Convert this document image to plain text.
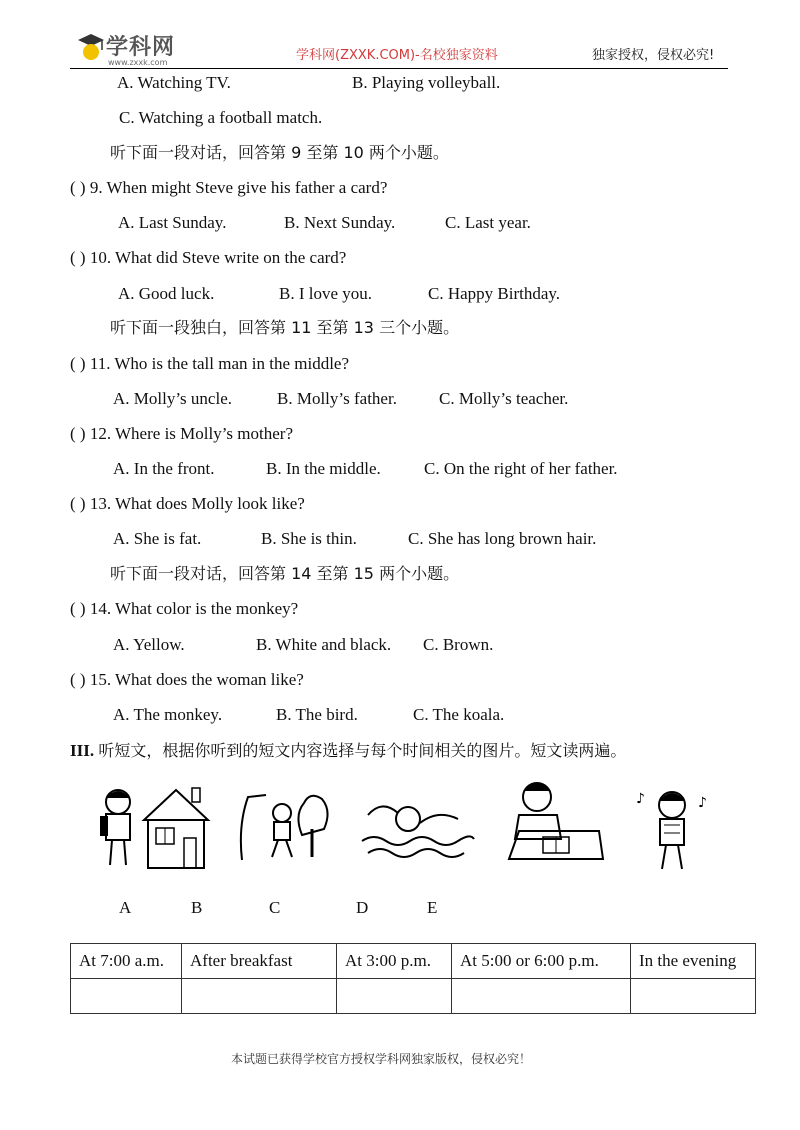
学科网
www.zxxk.com	学科网(ZXXK.COM)-名校独家资料	独家授权，侵权必究!
A. Watching TV.	B. Playing volleyball.
C. Watching a football match.
听下面一段对话，回答第 9 至第 10 两个小题。
( ) 9. When might Steve give his father a card?
A. Last Sunday.	B. Next Sunday.	C. Last year.
( ) 10. What did Steve write on the card?
A. Good luck.	B. I love you.	C. Happy Birthday.
听下面一段独白，回答第 11 至第 13 三个小题。
( ) 11. Who is the tall man in the middle?
A. Molly’s uncle.	B. Molly’s father. C. Molly’s teacher.
( ) 12. Where is Molly’s mother?
A. In the front.	B. In the middle.	C. On the right of her father.
( ) 13. What does Molly look like?
A. She is fat.	B. She is thin.	C. She has long brown hair.
听下面一段对话，回答第 14 至第 15 两个小题。
( ) 14. What color is the monkey?
A. Yellow.	B. White and black. C. Brown.
( ) 15. What does the woman like?
A. The monkey.	B. The bird.	C. The koala.
III. 听短文，根据你听到的短文内容选择与每个时间相关的图片。短文读两遍。
♪	♪
A	B	C	D	E
At 7:00 a.m.	After breakfast	At 3:00 p.m.	At 5:00 or 6:00 p.m.	In the evening

本试题已获得学校官方授权学科网独家版权，侵权必究！
